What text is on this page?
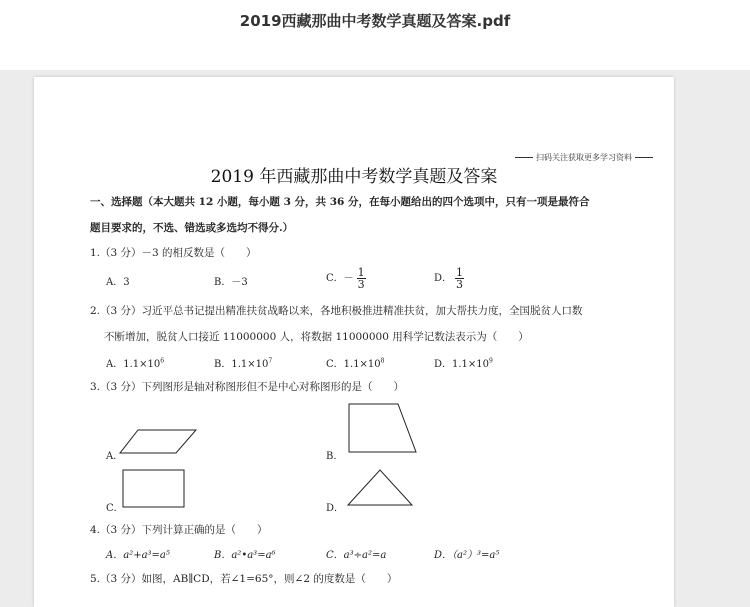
2019西藏那曲中考数学真题及答案.pdf
扫码关注获取更多学习资料
2019 年西藏那曲中考数学真题及答案
一、选择题（本大题共 12 小题，每小题 3 分，共 36 分，在每小题给出的四个选项中，只有一项是最符合
题目要求的，不选、错选或多选均不得分.）
1.（3 分）－3 的相反数是（　　）
A．3	B．－3	C．－ $\frac{1}{3}$	D． $\frac{1}{3}$
2.（3 分）习近平总书记提出精准扶贫战略以来，各地积极推进精准扶贫，加大帮扶力度，全国脱贫人口数
不断增加，脱贫人口接近 11000000 人，将数据 11000000 用科学记数法表示为（　　）
A．$1.1\times 10^6$	B．$1.1\times 10^7$	C．$1.1\times 10^8$	D．$1.1\times 10^9$
3.（3 分）下列图形是轴对称图形但不是中心对称图形的是（　　）
A．	B．
C．	D．
4.（3 分）下列计算正确的是（　　）
A．a²+a³=a⁵	B．a²•a³=a⁶	C．a³÷a²=a	D．（a²）³=a⁵
5.（3 分）如图，AB∥CD，若∠1=65°，则∠2 的度数是（　　）
